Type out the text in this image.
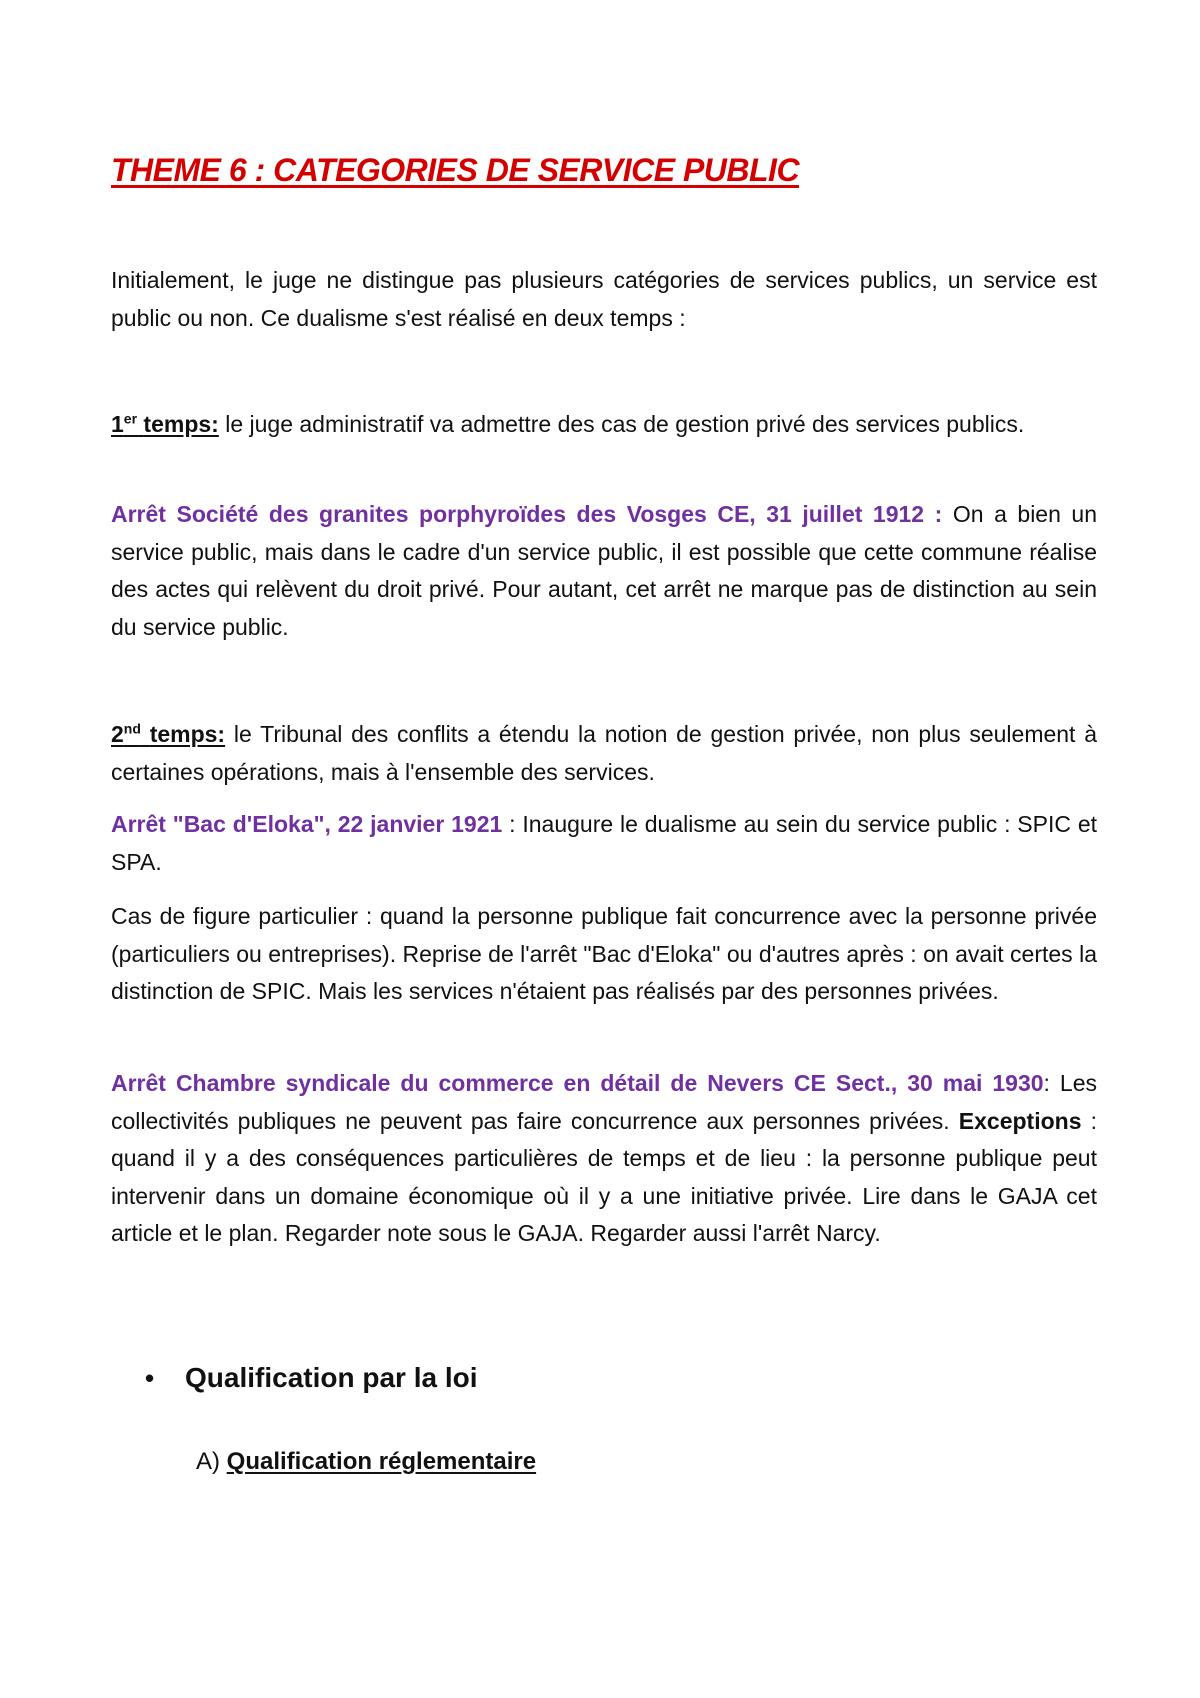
THEME 6 : CATEGORIES DE SERVICE PUBLIC
Initialement, le juge ne distingue pas plusieurs catégories de services publics, un service est public ou non. Ce dualisme s'est réalisé en deux temps :
1er temps: le juge administratif va admettre des cas de gestion privé des services publics.
Arrêt Société des granites porphyroïdes des Vosges CE, 31 juillet 1912 : On a bien un service public, mais dans le cadre d'un service public, il est possible que cette commune réalise des actes qui relèvent du droit privé. Pour autant, cet arrêt ne marque pas de distinction au sein du service public.
2nd temps: le Tribunal des conflits a étendu la notion de gestion privée, non plus seulement à certaines opérations, mais à l'ensemble des services.
Arrêt "Bac d'Eloka", 22 janvier 1921 : Inaugure le dualisme au sein du service public : SPIC et SPA.
Cas de figure particulier : quand la personne publique fait concurrence avec la personne privée (particuliers ou entreprises). Reprise de l'arrêt "Bac d'Eloka" ou d'autres après : on avait certes la distinction de SPIC. Mais les services n'étaient pas réalisés par des personnes privées.
Arrêt Chambre syndicale du commerce en détail de Nevers CE Sect., 30 mai 1930: Les collectivités publiques ne peuvent pas faire concurrence aux personnes privées. Exceptions : quand il y a des conséquences particulières de temps et de lieu : la personne publique peut intervenir dans un domaine économique où il y a une initiative privée. Lire dans le GAJA cet article et le plan. Regarder note sous le GAJA. Regarder aussi l'arrêt Narcy.
• Qualification par la loi
A) Qualification réglementaire
